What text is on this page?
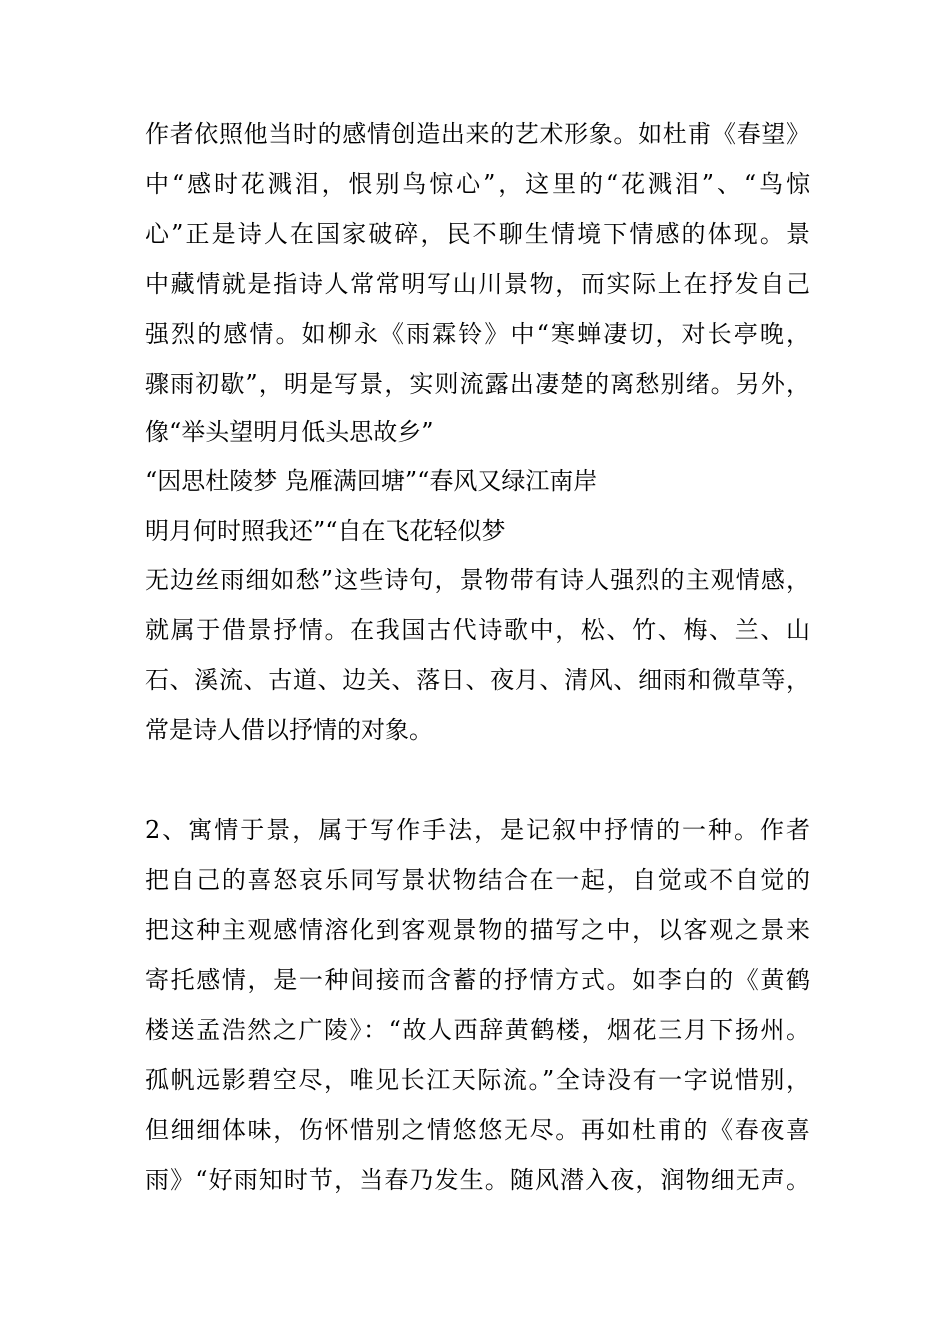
作者依照他当时的感情创造出来的艺术形象。如杜甫《春望》
中“感时花溅泪，恨别鸟惊心”，这里的“花溅泪”、“鸟惊
心”正是诗人在国家破碎，民不聊生情境下情感的体现。景
中藏情就是指诗人常常明写山川景物，而实际上在抒发自己
强烈的感情。如柳永《雨霖铃》中“寒蝉凄切，对长亭晚，
骤雨初歇”，明是写景，实则流露出凄楚的离愁别绪。另外，
像“举头望明月低头思故乡”
“因思杜陵梦 凫雁满回塘”“春风又绿江南岸
明月何时照我还”“自在飞花轻似梦
无边丝雨细如愁”这些诗句，景物带有诗人强烈的主观情感，
就属于借景抒情。在我国古代诗歌中，松、竹、梅、兰、山
石、溪流、古道、边关、落日、夜月、清风、细雨和微草等，
常是诗人借以抒情的对象。
2、寓情于景，属于写作手法，是记叙中抒情的一种。作者
把自己的喜怒哀乐同写景状物结合在一起，自觉或不自觉的
把这种主观感情溶化到客观景物的描写之中，以客观之景来
寄托感情，是一种间接而含蓄的抒情方式。如李白的《黄鹤
楼送孟浩然之广陵》：“故人西辞黄鹤楼，烟花三月下扬州。
孤帆远影碧空尽，唯见长江天际流。”全诗没有一字说惜别，
但细细体味，伤怀惜别之情悠悠无尽。再如杜甫的《春夜喜
雨》“好雨知时节，当春乃发生。随风潜入夜，润物细无声。
